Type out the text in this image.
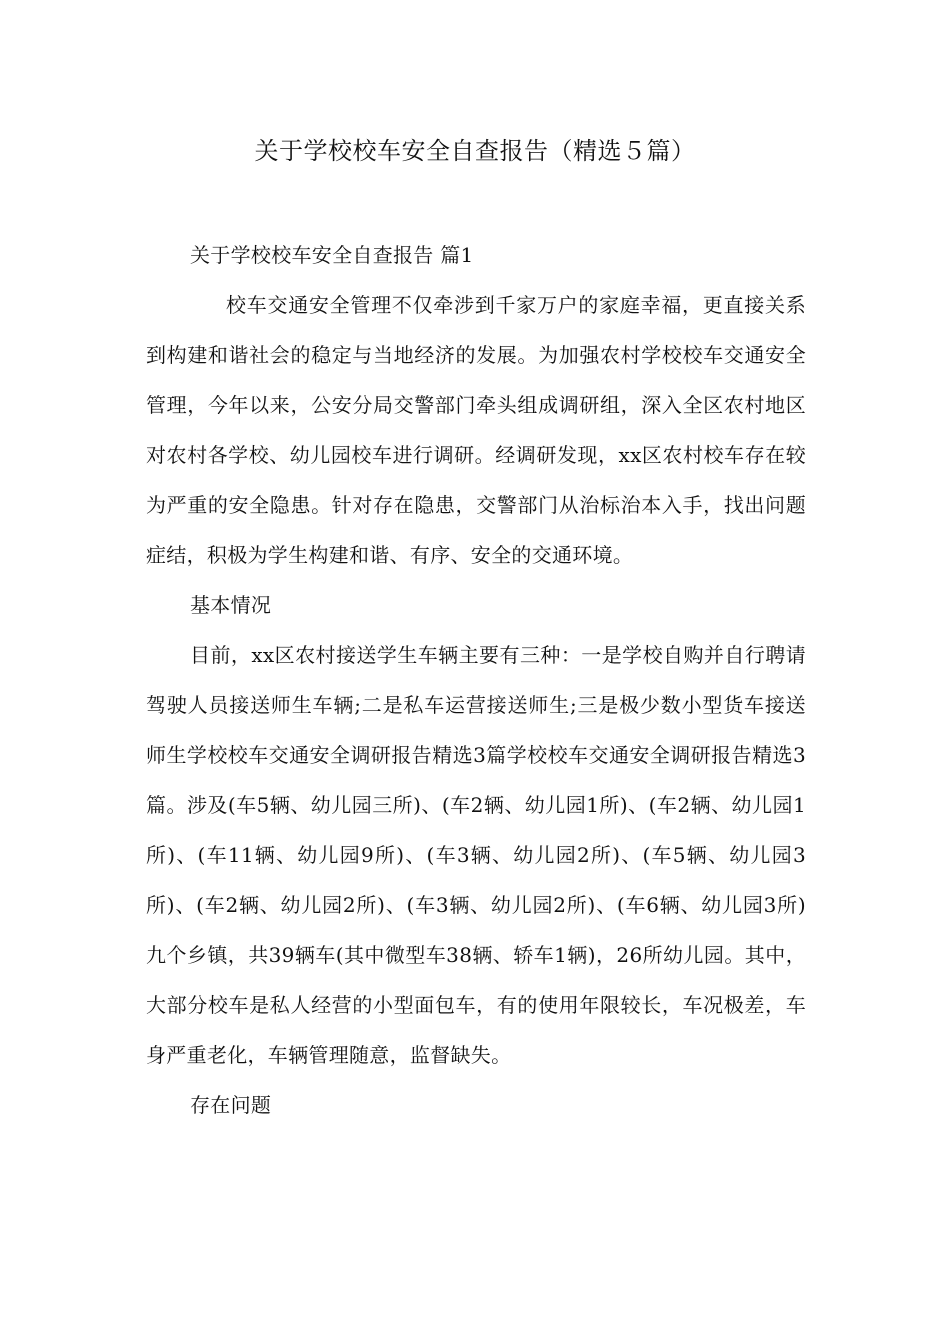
关于学校校车安全自查报告（精选５篇）

关于学校校车安全自查报告 篇1

校车交通安全管理不仅牵涉到千家万户的家庭幸福，更直接关系到构建和谐社会的稳定与当地经济的发展。为加强农村学校校车交通安全管理，今年以来，公安分局交警部门牵头组成调研组，深入全区农村地区对农村各学校、幼儿园校车进行调研。经调研发现，xx区农村校车存在较为严重的安全隐患。针对存在隐患，交警部门从治标治本入手，找出问题症结，积极为学生构建和谐、有序、安全的交通环境。

基本情况

目前，xx区农村接送学生车辆主要有三种：一是学校自购并自行聘请驾驶人员接送师生车辆;二是私车运营接送师生;三是极少数小型货车接送师生学校校车交通安全调研报告精选3篇学校校车交通安全调研报告精选3篇。涉及(车5辆、幼儿园三所)、(车2辆、幼儿园1所)、(车2辆、幼儿园1所)、(车11辆、幼儿园9所)、(车3辆、幼儿园2所)、(车5辆、幼儿园3所)、(车2辆、幼儿园2所)、(车3辆、幼儿园2所)、(车6辆、幼儿园3所)九个乡镇，共39辆车(其中微型车38辆、轿车1辆)，26所幼儿园。其中，大部分校车是私人经营的小型面包车，有的使用年限较长，车况极差，车身严重老化，车辆管理随意，监督缺失。

存在问题
